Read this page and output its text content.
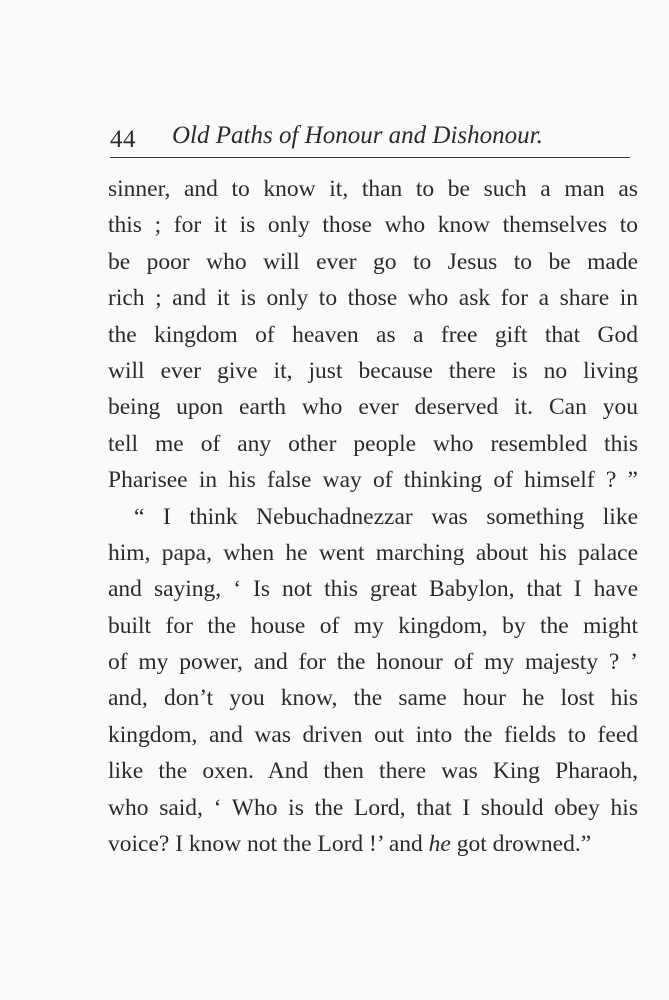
44 Old Paths of Honour and Dishonour.
sinner, and to know it, than to be such a man as
this ; for it is only those who know themselves to
be poor who will ever go to Jesus to be made
rich ; and it is only to those who ask for a share in
the kingdom of heaven as a free gift that God
will ever give it, just because there is no living
being upon earth who ever deserved it. Can you
tell me of any other people who resembled this
Pharisee in his false way of thinking of himself ? ”
“ I think Nebuchadnezzar was something like
him, papa, when he went marching about his palace
and saying, ‘ Is not this great Babylon, that I have
built for the house of my kingdom, by the might
of my power, and for the honour of my majesty ? ’
and, don’t you know, the same hour he lost his
kingdom, and was driven out into the fields to feed
like the oxen. And then there was King Pharaoh,
who said, ‘ Who is the Lord, that I should obey his
voice? I know not the Lord !’ and he got drowned.”
